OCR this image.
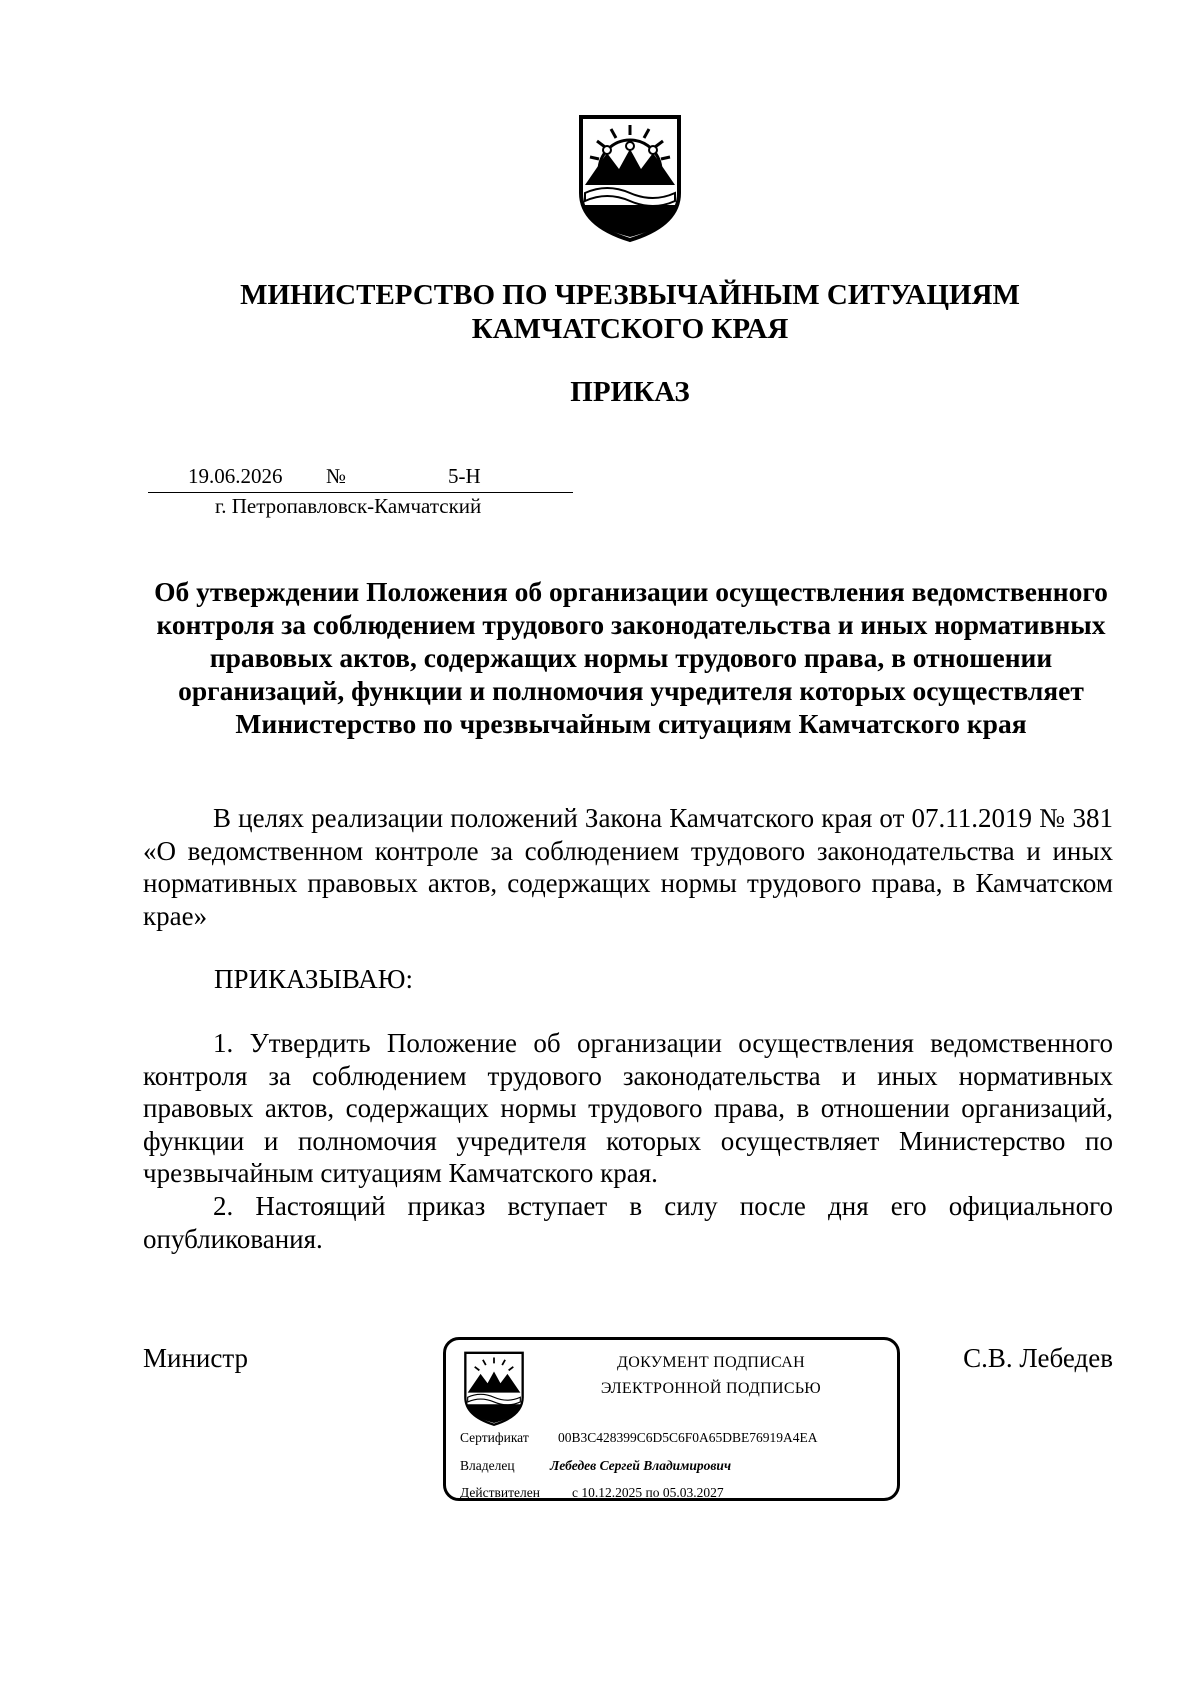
МИНИСТЕРСТВО ПО ЧРЕЗВЫЧАЙНЫМ СИТУАЦИЯМ
КАМЧАТСКОГО КРАЯ
ПРИКАЗ
19.06.2026 №	5-Н
г. Петропавловск-Камчатский
Об утверждении Положения об организации осуществления ведомственного контроля за соблюдением трудового законодательства и иных нормативных правовых актов, содержащих нормы трудового права, в отношении организаций, функции и полномочия учредителя которых осуществляет Министерство по чрезвычайным ситуациям Камчатского края
В целях реализации положений Закона Камчатского края от 07.11.2019 № 381 «О ведомственном контроле за соблюдением трудового законодательства и иных нормативных правовых актов, содержащих нормы трудового права, в Камчатском крае»
ПРИКАЗЫВАЮ:
1. Утвердить Положение об организации осуществления ведомственного контроля за соблюдением трудового законодательства и иных нормативных правовых актов, содержащих нормы трудового права, в отношении организаций, функции и полномочия учредителя которых осуществляет Министерство по чрезвычайным ситуациям Камчатского края.
2. Настоящий приказ вступает в силу после дня его официального опубликования.
Министр	С.В. Лебедев
ДОКУМЕНТ ПОДПИСАН
ЭЛЕКТРОННОЙ ПОДПИСЬЮ
Сертификат 00B3C428399C6D5C6F0A65DBE76919A4EA
Владелец	Лебедев Сергей Владимирович
Действителен с 10.12.2025 по 05.03.2027
